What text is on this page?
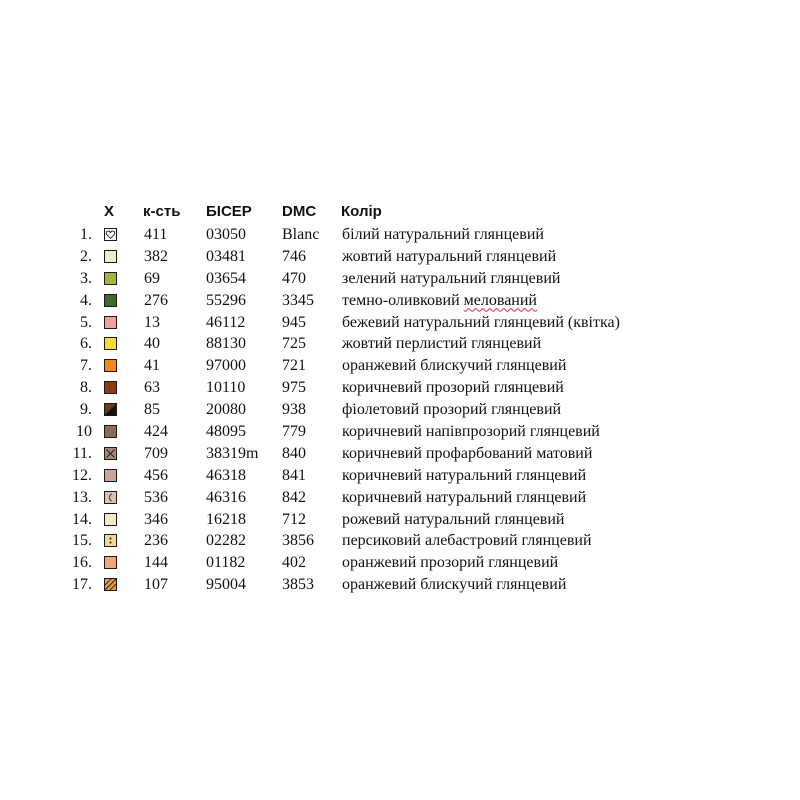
X	к-сть БІСЕР DMC Колір
1.	411 03050 Blanc білий натуральний глянцевий
2.	382 03481 746 жовтий натуральний глянцевий
3.	69	03654 470 зелений натуральний глянцевий
4.	276 55296 3345 темно-оливковий мелований
5.	13	46112 945 бежевий натуральний глянцевий (квітка)
6.	40	88130 725 жовтий перлистий глянцевий
7.	41	97000 721 оранжевий блискучий глянцевий
8.	63	10110 975 коричневий прозорий глянцевий
9.	85	20080 938 фіолетовий прозорий глянцевий
10	424 48095 779 коричневий напівпрозорий глянцевий
11.	709 38319m 840 коричневий профарбований матовий
12.	456 46318 841 коричневий натуральний глянцевий
13.	536 46316 842 коричневий натуральний глянцевий
14.	346 16218 712 рожевий натуральний глянцевий
15.	236 02282 3856 персиковий алебастровий глянцевий
16.	144 01182 402 оранжевий прозорий глянцевий
17.	107 95004 3853 оранжевий блискучий глянцевий
